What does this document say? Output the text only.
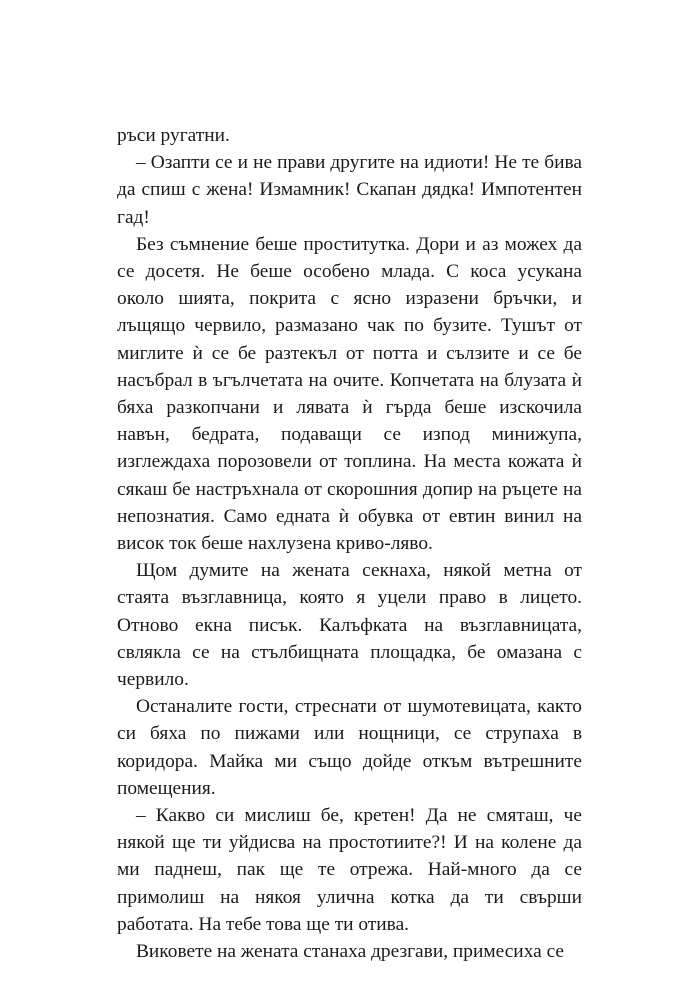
ръси ругатни.

– Озапти се и не прави другите на идиоти! Не те бива да спиш с жена! Измамник! Скапан дядка! Импотентен гад!

Без съмнение беше проститутка. Дори и аз можех да се досетя. Не беше особено млада. С коса усукана около шията, покрита с ясно изразени бръчки, и лъщящо червило, размазано чак по бузите. Тушът от миглите ѝ се бе разтекъл от потта и сълзите и се бе насъбрал в ъгълчетата на очите. Копчетата на блузата ѝ бяха разкопчани и лявата ѝ гърда беше изскочила навън, бедрата, подаващи се изпод минижупа, изглеждаха порозовели от топлина. На места кожата ѝ сякаш бе настръхнала от скорошния допир на ръцете на непознатия. Само едната ѝ обувка от евтин винил на висок ток беше нахлузена криво-ляво.

Щом думите на жената секнаха, някой метна от стаята възглавница, която я уцели право в лицето. Отново екна писък. Калъфката на възглавницата, свлякла се на стълбищната площадка, бе омазана с червило.

Останалите гости, стреснати от шумотевицата, както си бяха по пижами или нощници, се струпаха в коридора. Майка ми също дойде откъм вътрешните помещения.

– Какво си мислиш бе, кретен! Да не смяташ, че някой ще ти уйдисва на простотиите?! И на колене да ми паднеш, пак ще те отрежа. Най-много да се примолиш на някоя улична котка да ти свърши работата. На тебе това ще ти отива.

Виковете на жената станаха дрезгави, примесиха се
